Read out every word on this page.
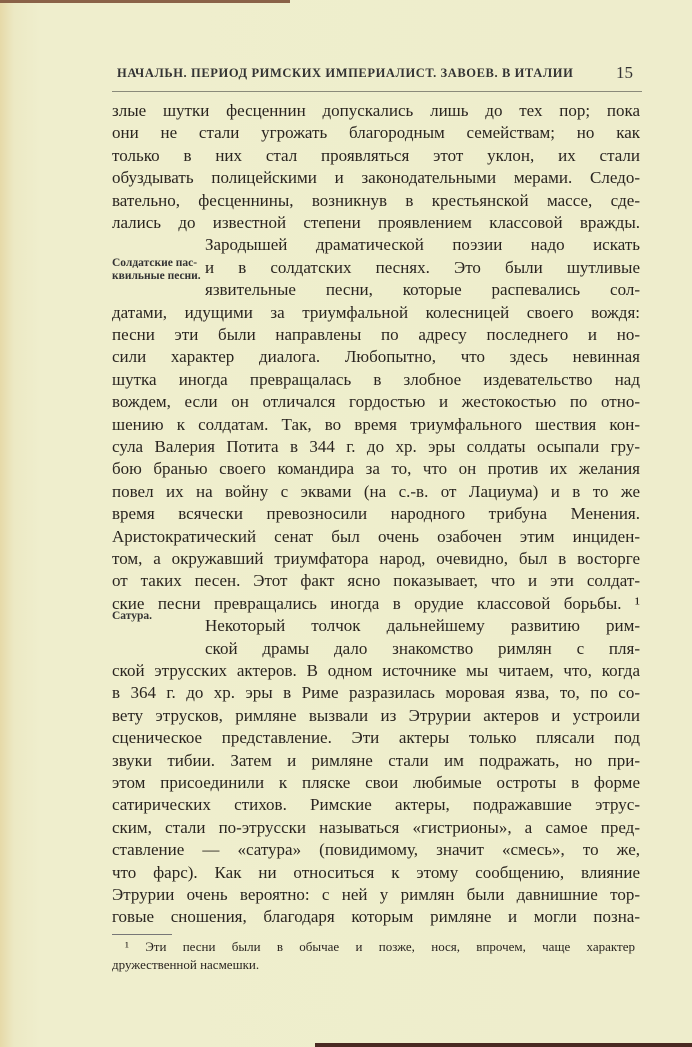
НАЧАЛЬН. ПЕРИОД РИМСКИХ ИМПЕРИАЛИСТ. ЗАВОЕВ. В ИТАЛИИ	15
злые шутки фесценнин допускались лишь до тех пор; пока
они не стали угрожать благородным семействам; но как
только в них стал проявляться этот уклон, их стали
обуздывать полицейскими и законодательными мерами. Следо-
вательно, фесценнины, возникнув в крестьянской массе, сде-
лались до известной степени проявлением классовой вражды.
Зародышей драматической поэзии надо искать
и в солдатских песнях. Это были шутливые
язвительные песни, которые распевались сол-
датами, идущими за триумфальной колесницей своего вождя:
песни эти были направлены по адресу последнего и но-
сили характер диалога. Любопытно, что здесь невинная
шутка иногда превращалась в злобное издевательство над
вождем, если он отличался гордостью и жестокостью по отно-
шению к солдатам. Так, во время триумфального шествия кон-
сула Валерия Потита в 344 г. до хр. эры солдаты осыпали гру-
бою бранью своего командира за то, что он против их желания
повел их на войну с эквами (на с.-в. от Лациума) и в то же
время всячески превозносили народного трибуна Менения.
Аристократический сенат был очень озабочен этим инциден-
том, а окружавший триумфатора народ, очевидно, был в восторге
от таких песен. Этот факт ясно показывает, что и эти солдат-
ские песни превращались иногда в орудие классовой борьбы. ¹
Некоторый толчок дальнейшему развитию рим-
ской драмы дало знакомство римлян с пля-
ской этрусских актеров. В одном источнике мы читаем, что, когда
в 364 г. до хр. эры в Риме разразилась моровая язва, то, по со-
вету этрусков, римляне вызвали из Этрурии актеров и устроили
сценическое представление. Эти актеры только плясали под
звуки тибии. Затем и римляне стали им подражать, но при-
этом присоединили к пляске свои любимые остроты в форме
сатирических стихов. Римские актеры, подражавшие этрус-
ским, стали по-этрусски называться «гистрионы», а самое пред-
ставление — «сатура» (повидимому, значит «смесь», то же,
что фарс). Как ни относиться к этому сообщению, влияние
Этрурии очень вероятно: с ней у римлян были давнишние тор-
говые сношения, благодаря которым римляне и могли позна-
Солдатские пас-
квильные песни.
Сатура.
¹ Эти песни были в обычае и позже, нося, впрочем, чаще характер
дружественной насмешки.
